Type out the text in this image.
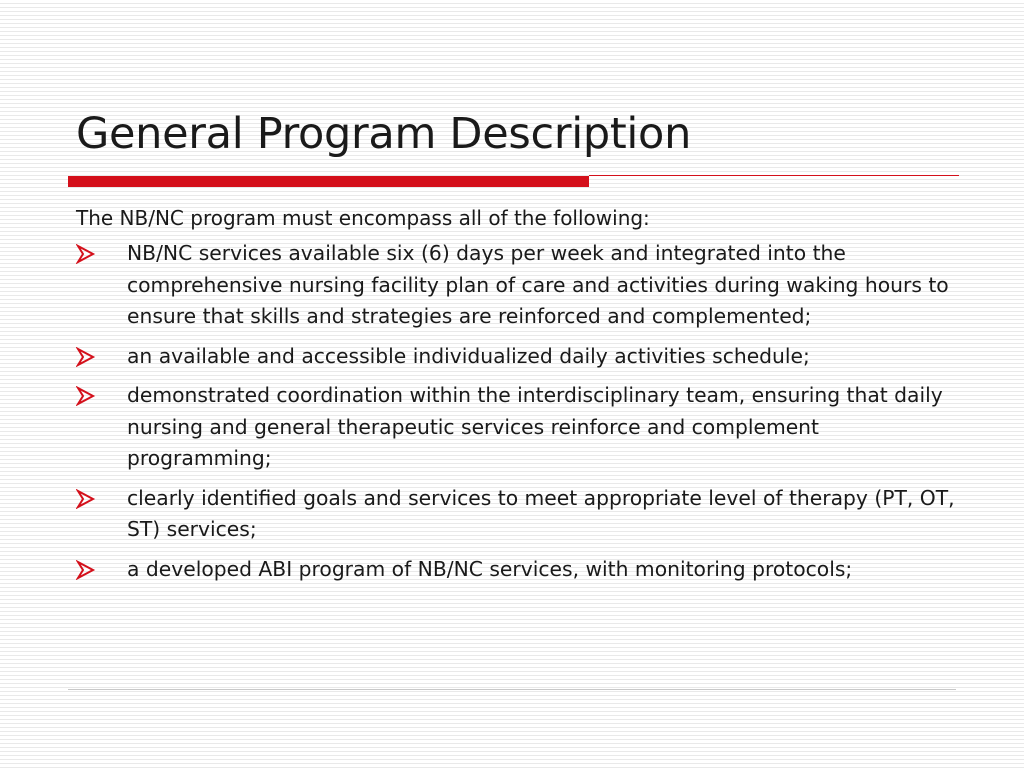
General Program Description

The NB/NC program must encompass all of the following:

NB/NC services available six (6) days per week and integrated into the comprehensive nursing facility plan of care and activities during waking hours to ensure that skills and strategies are reinforced and complemented;
an available and accessible individualized daily activities schedule;
demonstrated coordination within the interdisciplinary team, ensuring that daily nursing and general therapeutic services reinforce and complement programming;
clearly identified goals and services to meet appropriate level of therapy (PT, OT, ST) services;
a developed ABI program of NB/NC services, with monitoring protocols;
